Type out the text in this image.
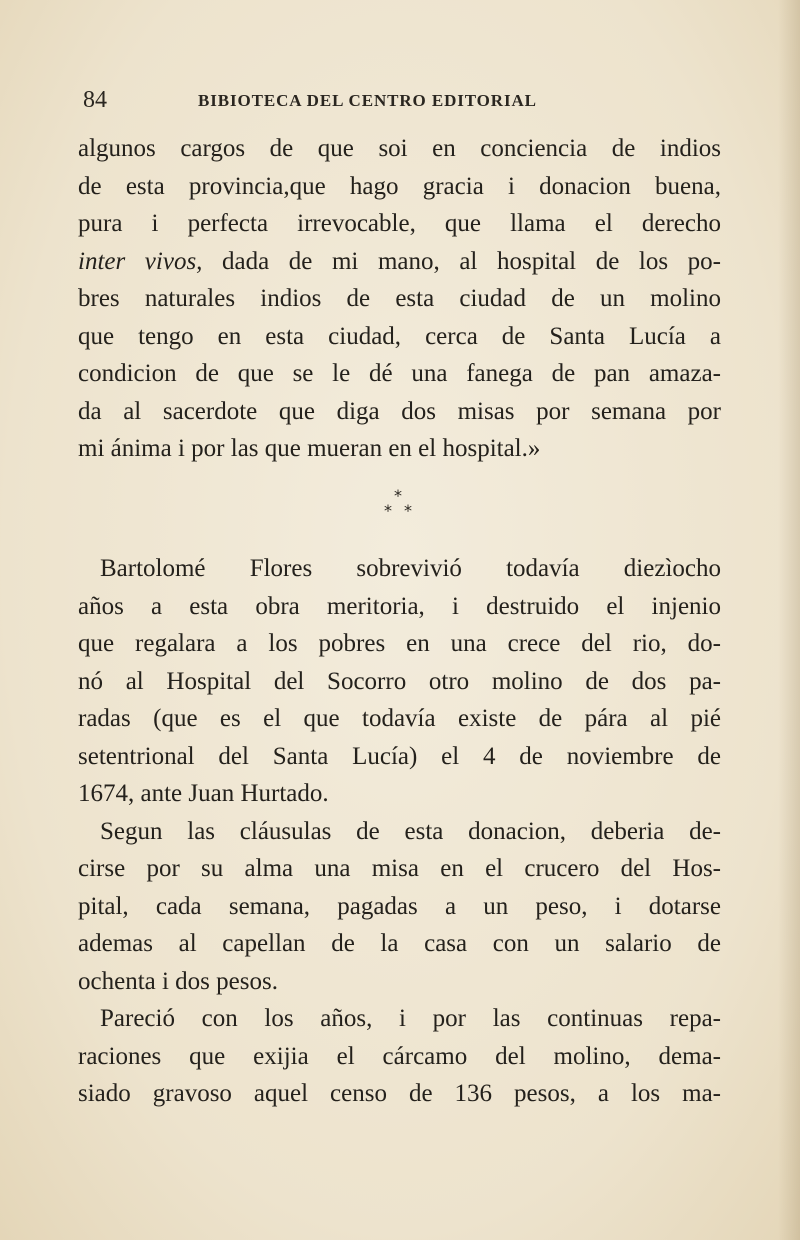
84	BIBIOTECA DEL CENTRO EDITORIAL
algunos cargos de que soi en conciencia de indios
de esta provincia,que hago gracia i donacion buena,
pura i perfecta irrevocable, que llama el derecho
inter vivos, dada de mi mano, al hospital de los po-
bres naturales indios de esta ciudad de un molino
que tengo en esta ciudad, cerca de Santa Lucía a
condicion de que se le dé una fanega de pan amaza-
da al sacerdote que diga dos misas por semana por
mi ánima i por las que mueran en el hospital.»
*
* *
Bartolomé Flores sobrevivió todavía diezìocho
años a esta obra meritoria, i destruido el injenio
que regalara a los pobres en una crece del rio, do-
nó al Hospital del Socorro otro molino de dos pa-
radas (que es el que todavía existe de pára al pié
setentrional del Santa Lucía) el 4 de noviembre de
1674, ante Juan Hurtado.
Segun las cláusulas de esta donacion, deberia de-
cirse por su alma una misa en el crucero del Hos-
pital, cada semana, pagadas a un peso, i dotarse
ademas al capellan de la casa con un salario de
ochenta i dos pesos.
Pareció con los años, i por las continuas repa-
raciones que exijia el cárcamo del molino, dema-
siado gravoso aquel censo de 136 pesos, a los ma-
